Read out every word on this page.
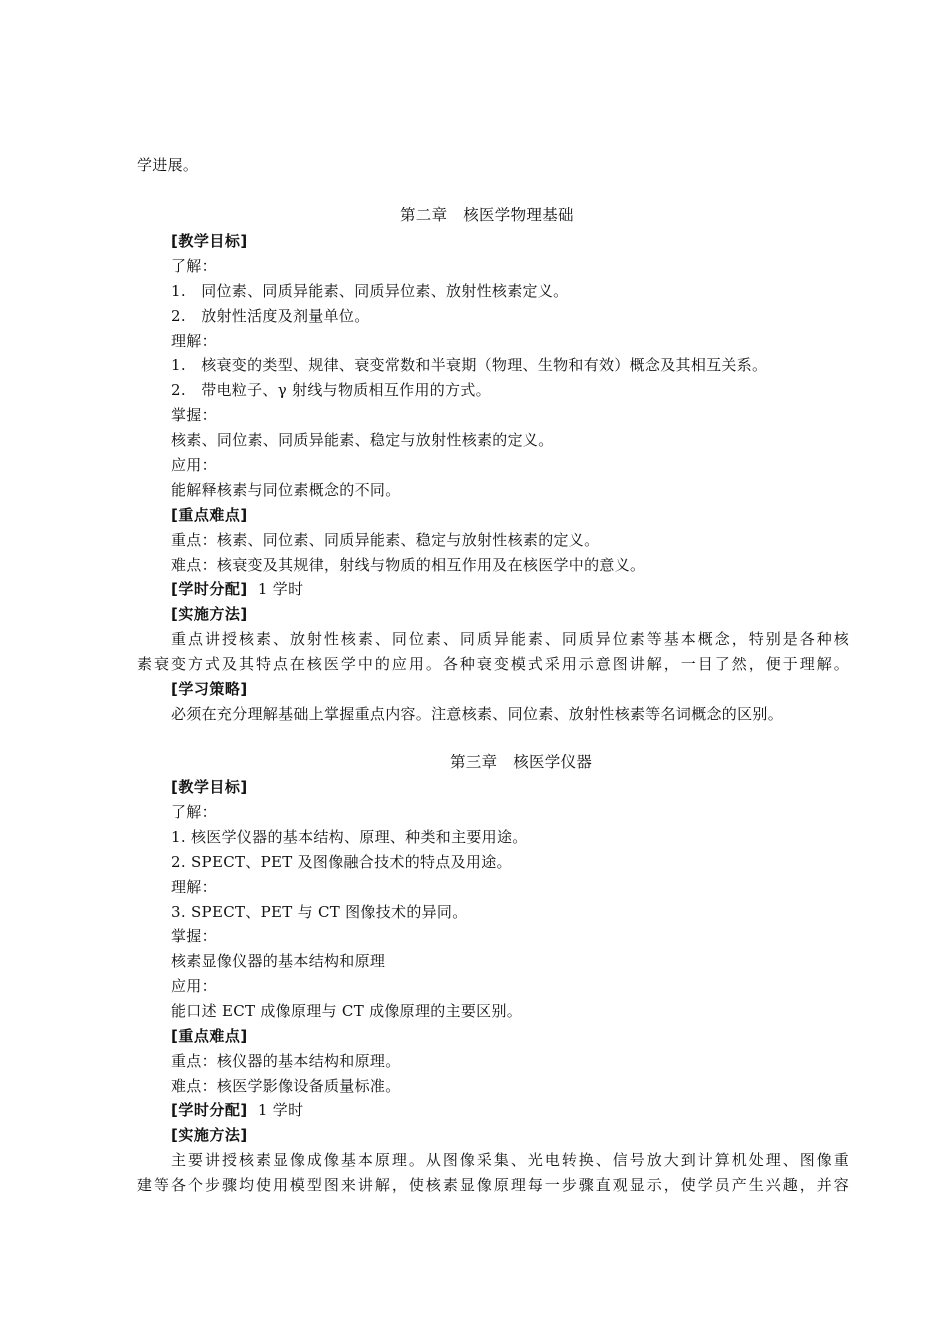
学进展。
第二章　核医学物理基础
[教学目标]
了解：
1.　同位素、同质异能素、同质异位素、放射性核素定义。
2.　放射性活度及剂量单位。
理解：
1.　核衰变的类型、规律、衰变常数和半衰期（物理、生物和有效）概念及其相互关系。
2.　带电粒子、γ 射线与物质相互作用的方式。
掌握：
核素、同位素、同质异能素、稳定与放射性核素的定义。
应用：
能解释核素与同位素概念的不同。
[重点难点]
重点：核素、同位素、同质异能素、稳定与放射性核素的定义。
难点：核衰变及其规律，射线与物质的相互作用及在核医学中的意义。
[学时分配] 1 学时
[实施方法]
重点讲授核素、放射性核素、同位素、同质异能素、同质异位素等基本概念，特别是各种核
素衰变方式及其特点在核医学中的应用。各种衰变模式采用示意图讲解，一目了然，便于理解。
[学习策略]
必须在充分理解基础上掌握重点内容。注意核素、同位素、放射性核素等名词概念的区别。
第三章　核医学仪器
[教学目标]
了解：
1. 核医学仪器的基本结构、原理、种类和主要用途。
2. SPECT、PET 及图像融合技术的特点及用途。
理解：
3. SPECT、PET 与 CT 图像技术的异同。
掌握：
核素显像仪器的基本结构和原理
应用：
能口述 ECT 成像原理与 CT 成像原理的主要区别。
[重点难点]
重点：核仪器的基本结构和原理。
难点：核医学影像设备质量标准。
[学时分配] 1 学时
[实施方法]
主要讲授核素显像成像基本原理。从图像采集、光电转换、信号放大到计算机处理、图像重
建等各个步骤均使用模型图来讲解，使核素显像原理每一步骤直观显示，使学员产生兴趣，并容
